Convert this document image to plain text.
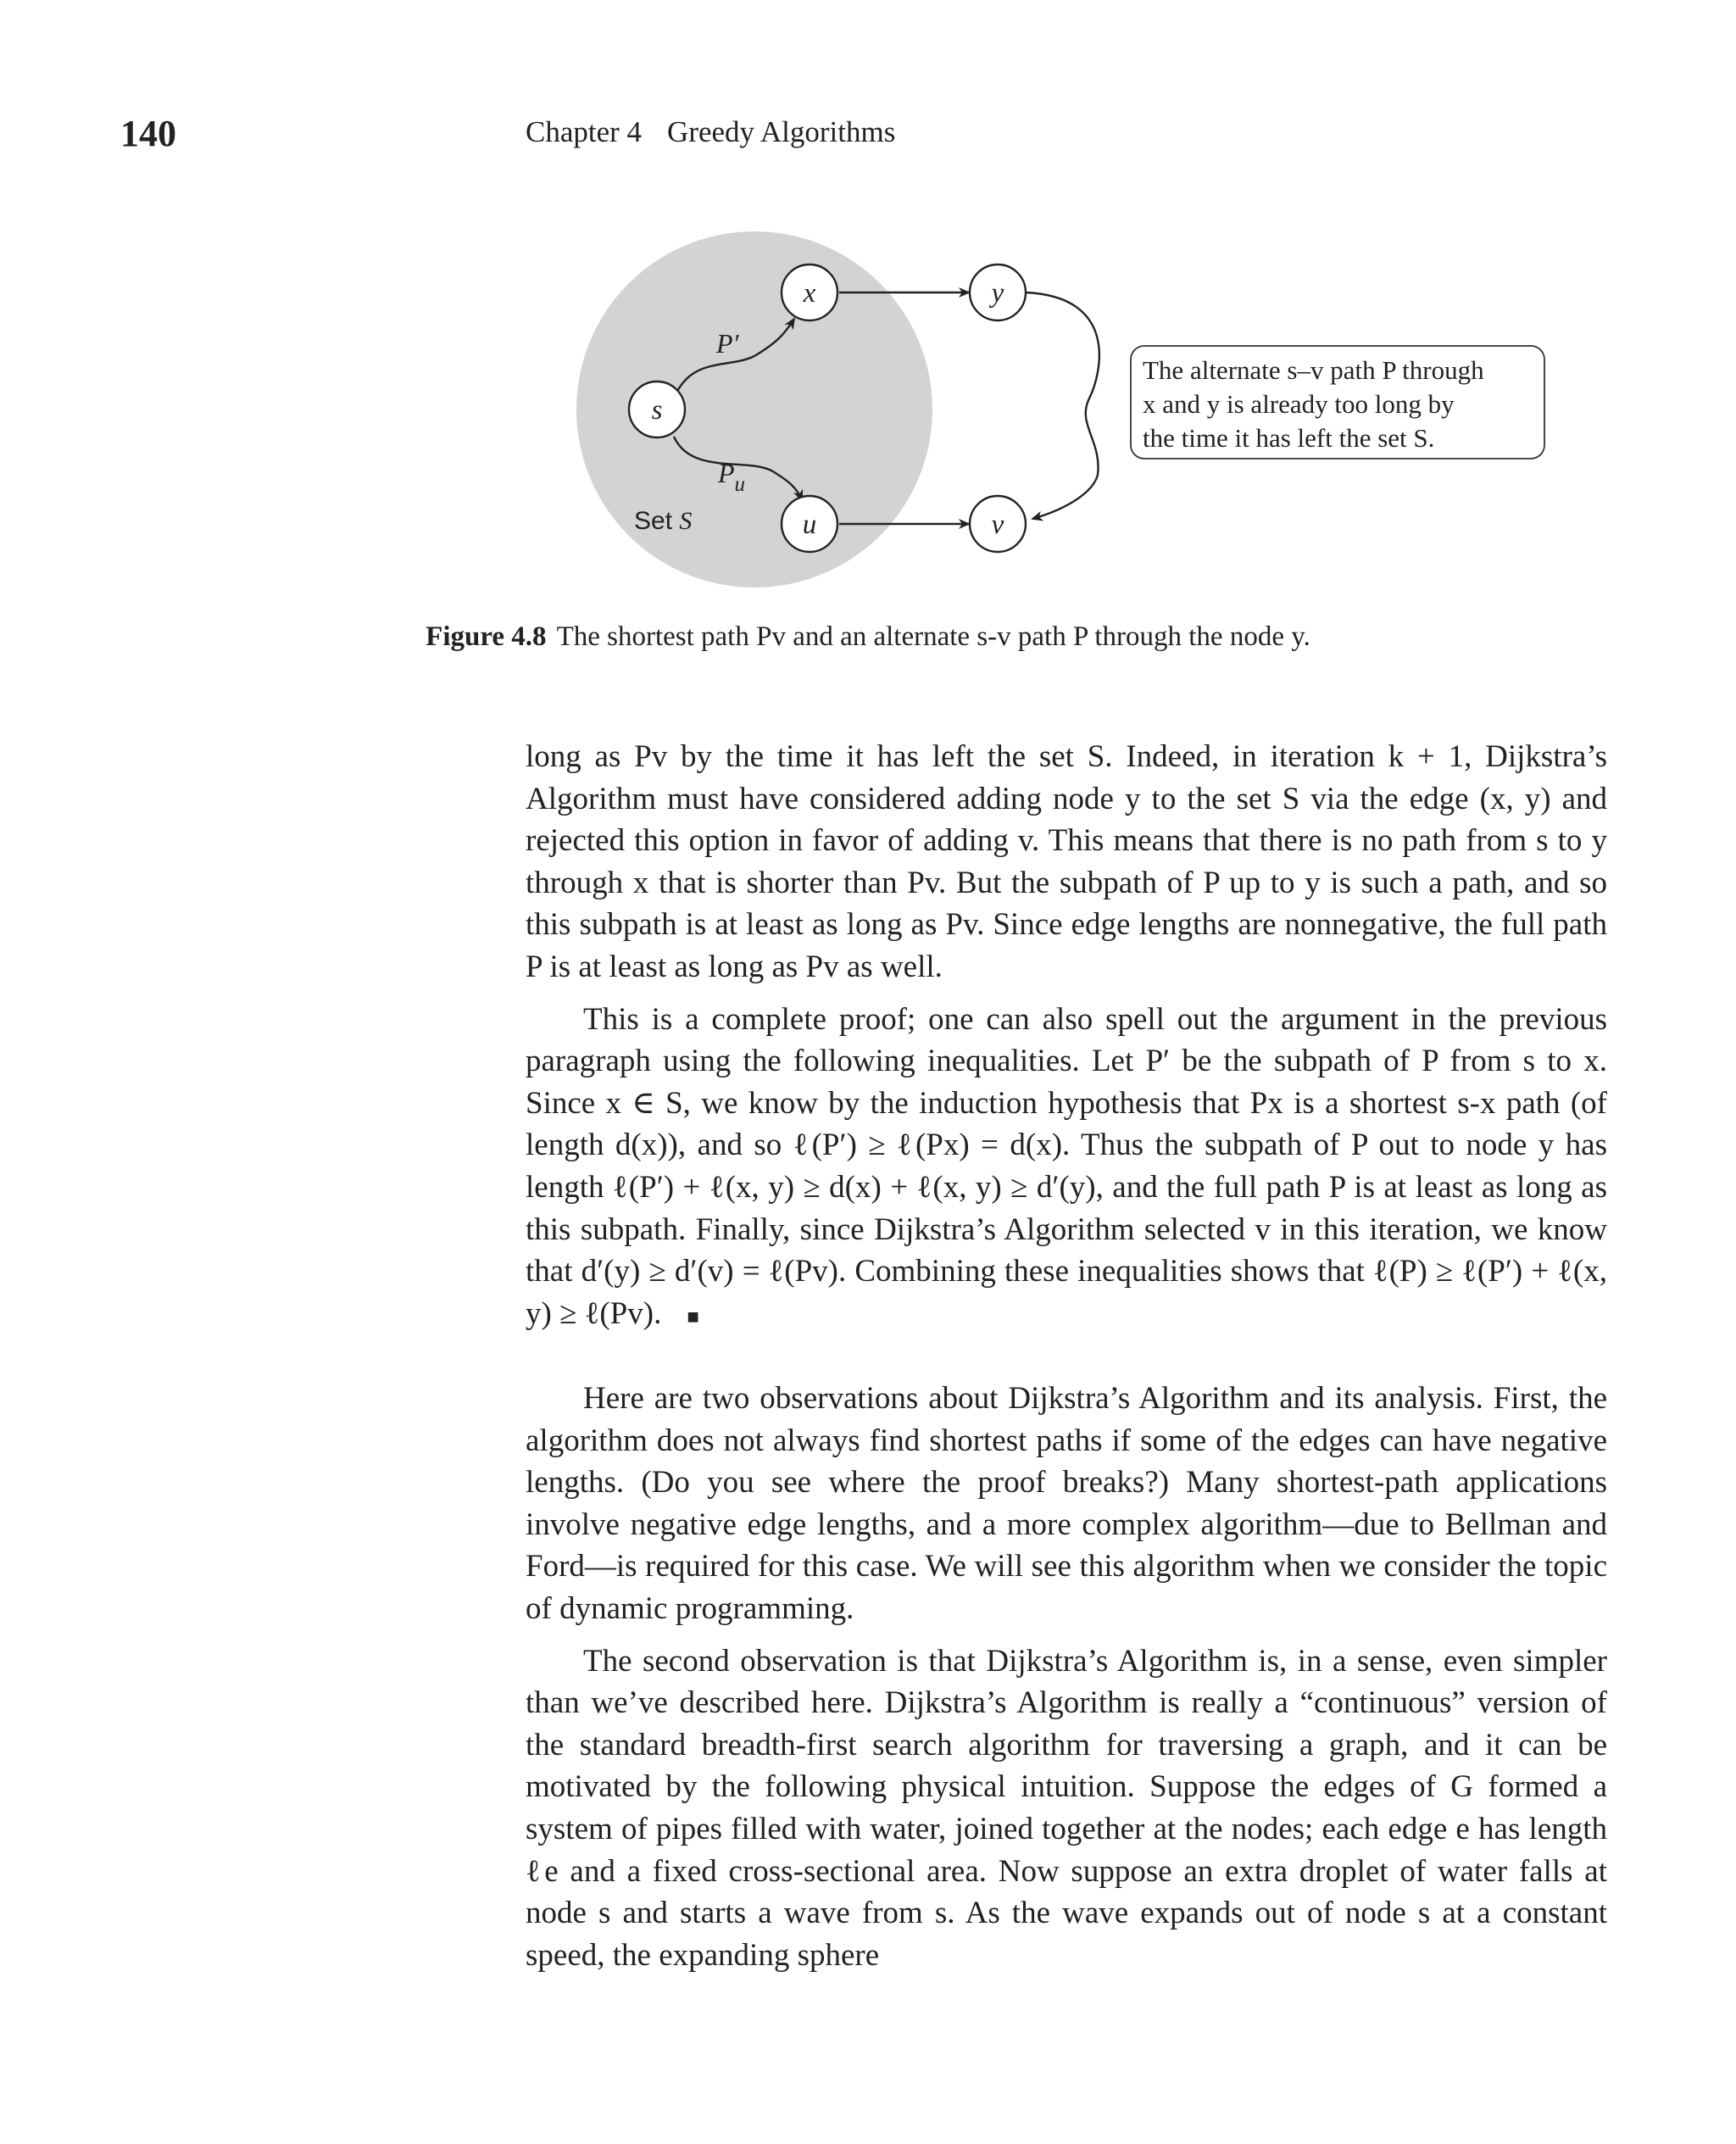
140	Chapter 4 Greedy Algorithms
s
x	y
u	v
P′
$P_u$
Set S
The alternate s–v path P through
x and y is already too long by
the time it has left the set S.
Figure 4.8 The shortest path Pv and an alternate s-v path P through the node y.

long as Pv by the time it has left the set S. Indeed, in iteration k + 1, Dijkstra’s Algorithm must have considered adding node y to the set S via the edge (x, y) and rejected this option in favor of adding v. This means that there is no path from s to y through x that is shorter than Pv. But the subpath of P up to y is such a path, and so this subpath is at least as long as Pv. Since edge lengths are nonnegative, the full path P is at least as long as Pv as well.

This is a complete proof; one can also spell out the argument in the previous paragraph using the following inequalities. Let P′ be the subpath of P from s to x. Since x ∈ S, we know by the induction hypothesis that Px is a shortest s-x path (of length d(x)), and so ℓ(P′) ≥ ℓ(Px) = d(x). Thus the subpath of P out to node y has length ℓ(P′) + ℓ(x, y) ≥ d(x) + ℓ(x, y) ≥ d′(y), and the full path P is at least as long as this subpath. Finally, since Dijkstra’s Algorithm selected v in this iteration, we know that d′(y) ≥ d′(v) = ℓ(Pv). Combining these inequalities shows that ℓ(P) ≥ ℓ(P′) + ℓ(x, y) ≥ ℓ(Pv). ■

Here are two observations about Dijkstra’s Algorithm and its analysis. First, the algorithm does not always find shortest paths if some of the edges can have negative lengths. (Do you see where the proof breaks?) Many shortest-path applications involve negative edge lengths, and a more complex algorithm—due to Bellman and Ford—is required for this case. We will see this algorithm when we consider the topic of dynamic programming.

The second observation is that Dijkstra’s Algorithm is, in a sense, even simpler than we’ve described here. Dijkstra’s Algorithm is really a “continuous” version of the standard breadth-first search algorithm for traversing a graph, and it can be motivated by the following physical intuition. Suppose the edges of G formed a system of pipes filled with water, joined together at the nodes; each edge e has length ℓe and a fixed cross-sectional area. Now suppose an extra droplet of water falls at node s and starts a wave from s. As the wave expands out of node s at a constant speed, the expanding sphere
